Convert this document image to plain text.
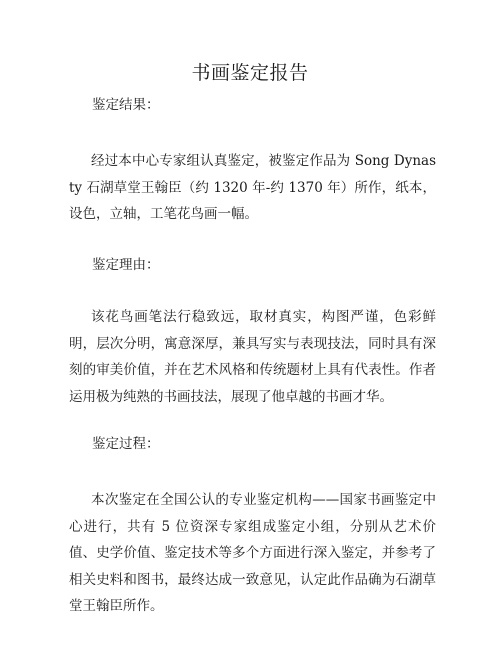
书画鉴定报告
鉴定结果：
经过本中心专家组认真鉴定，被鉴定作品为 Song Dynasty 石湖草堂王翰臣（约 1320 年-约 1370 年）所作，纸本，设色，立轴，工笔花鸟画一幅。
鉴定理由：
该花鸟画笔法行稳致远，取材真实，构图严谨，色彩鲜明，层次分明，寓意深厚，兼具写实与表现技法，同时具有深刻的审美价值，并在艺术风格和传统题材上具有代表性。作者运用极为纯熟的书画技法，展现了他卓越的书画才华。
鉴定过程：
本次鉴定在全国公认的专业鉴定机构——国家书画鉴定中心进行，共有 5 位资深专家组成鉴定小组，分别从艺术价值、史学价值、鉴定技术等多个方面进行深入鉴定，并参考了相关史料和图书，最终达成一致意见，认定此作品确为石湖草堂王翰臣所作。
